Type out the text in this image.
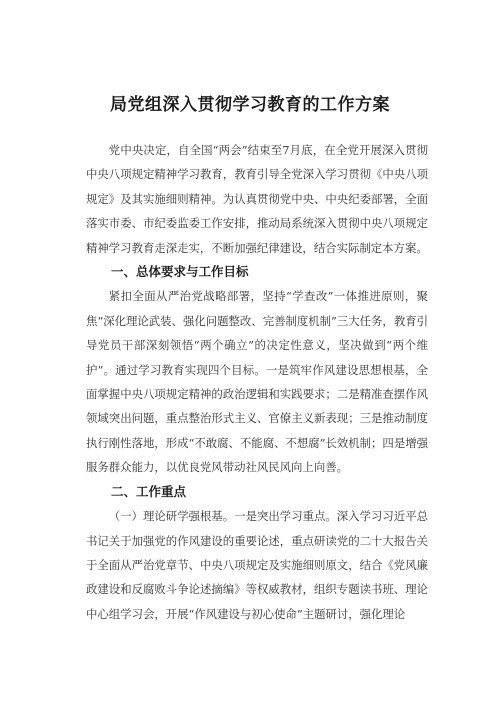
局党组深入贯彻学习教育的工作方案

党中央决定，自全国“两会”结束至7月底，在全党开展深入贯彻中央八项规定精神学习教育，教育引导全党深入学习贯彻《中央八项规定》及其实施细则精神。为认真贯彻党中央、中央纪委部署，全面落实市委、市纪委监委工作安排，推动局系统深入贯彻中央八项规定精神学习教育走深走实，不断加强纪律建设，结合实际制定本方案。

一、总体要求与工作目标

紧扣全面从严治党战略部署，坚持“学查改”一体推进原则，聚焦“深化理论武装、强化问题整改、完善制度机制”三大任务，教育引导党员干部深刻领悟“两个确立”的决定性意义，坚决做到“两个维护”。通过学习教育实现四个目标。一是筑牢作风建设思想根基，全面掌握中央八项规定精神的政治逻辑和实践要求；二是精准查摆作风领域突出问题，重点整治形式主义、官僚主义新表现；三是推动制度执行刚性落地，形成“不敢腐、不能腐、不想腐”长效机制；四是增强服务群众能力，以优良党风带动社风民风向上向善。

二、工作重点

（一）理论研学强根基。一是突出学习重点。深入学习习近平总书记关于加强党的作风建设的重要论述，重点研读党的二十大报告关于全面从严治党章节、中央八项规定及实施细则原文，结合《党风廉政建设和反腐败斗争论述摘编》等权威教材，组织专题读书班、理论中心组学习会，开展“作风建设与初心使命”主题研讨，强化理论
